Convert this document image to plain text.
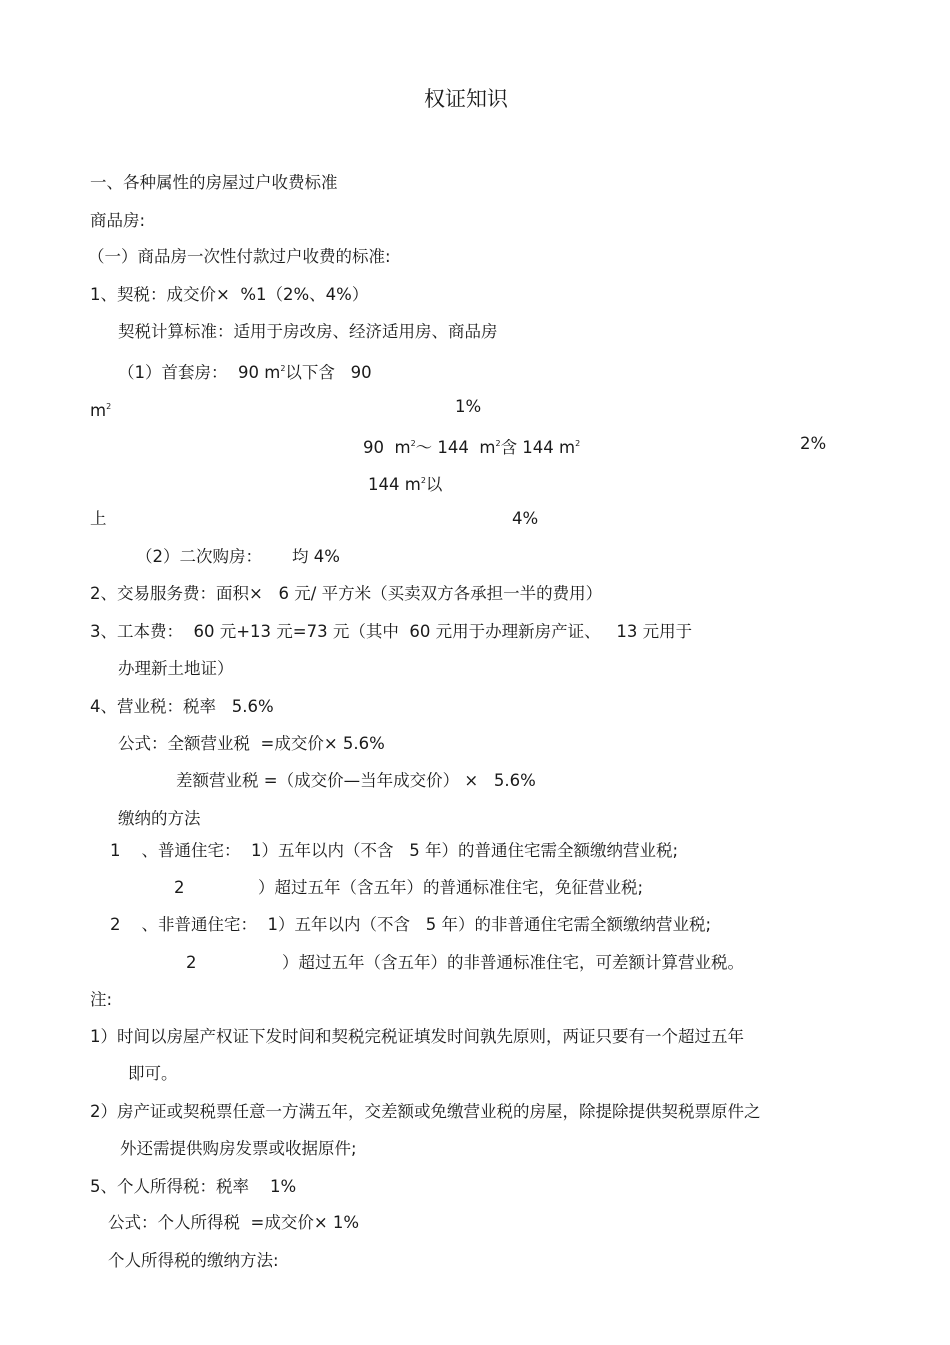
权证知识
一、各种属性的房屋过户收费标准
商品房:
（一）商品房一次性付款过户收费的标准:
1、契税：成交价×  %1（2%、4%）
契税计算标准：适用于房改房、经济适用房、商品房
（1）首套房：  90 $m^2$以下含   90
$m^2$	1%
90  $m^2\sim$ 144  $m^2$含 144 $m^2$	2%
144 $m^2$以
上	4%
（2）二次购房： 均 4%
2、交易服务费：面积×   6 元/ 平方米（买卖双方各承担一半的费用）
3、工本费：  60 元+13 元=73 元（其中  60 元用于办理新房产证、   13 元用于
办理新土地证）
4、营业税：税率   5.6%
公式：全额营业税  =成交价× 5.6%
差额营业税 =（成交价—当年成交价） ×   5.6%
缴纳的方法
1    、普通住宅：  1）五年以内（不含   5 年）的普通住宅需全额缴纳营业税;
2	）超过五年（含五年）的普通标准住宅，免征营业税;
2    、非普通住宅：  1）五年以内（不含   5 年）的非普通住宅需全额缴纳营业税;
2	）超过五年（含五年）的非普通标准住宅，可差额计算营业税。
注:
1）时间以房屋产权证下发时间和契税完税证填发时间孰先原则，两证只要有一个超过五年
即可。
2）房产证或契税票任意一方满五年，交差额或免缴营业税的房屋，除提除提供契税票原件之
外还需提供购房发票或收据原件;
5、个人所得税：税率    1%
公式：个人所得税  =成交价× 1%
个人所得税的缴纳方法:
